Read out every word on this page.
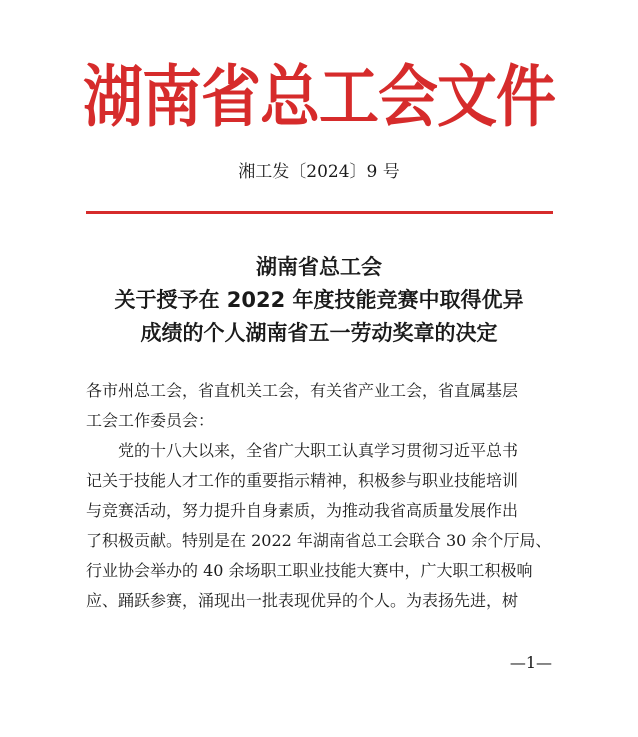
湖南省总工会文件
湘工发〔2024〕9 号
湖南省总工会
关于授予在 2022 年度技能竞赛中取得优异
成绩的个人湖南省五一劳动奖章的决定

各市州总工会，省直机关工会，有关省产业工会，省直属基层

工会工作委员会：

　　党的十八大以来，全省广大职工认真学习贯彻习近平总书

记关于技能人才工作的重要指示精神，积极参与职业技能培训

与竞赛活动，努力提升自身素质，为推动我省高质量发展作出

了积极贡献。特别是在 2022 年湖南省总工会联合 30 余个厅局、

行业协会举办的 40 余场职工职业技能大赛中，广大职工积极响

应、踊跃参赛，涌现出一批表现优异的个人。为表扬先进，树

—1—
